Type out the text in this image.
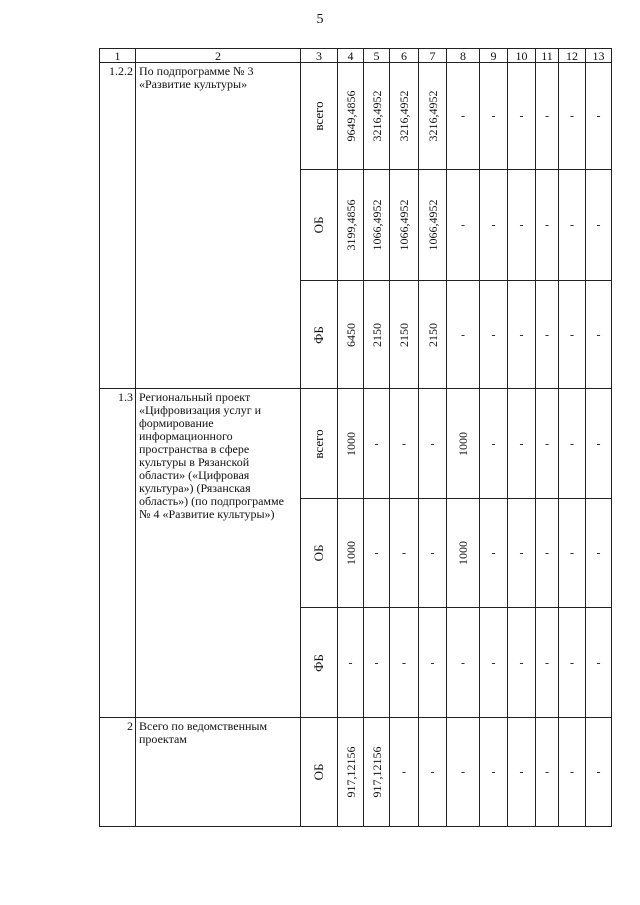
5
1	2	3	4	5	6	7	8	9	10	11	12	13
1.2.2	По подпрограмме № 3 «Развитие культуры»	всего	9649,4856	3216,4952	3216,4952	3216,4952	-	-	-	-	-	-

		ОБ	3199,4856	1066,4952	1066,4952	1066,4952	-	-	-	-	-	-

		ФБ	6450	2150	2150	2150	-	-	-	-	-	-

1.3	Региональный проект «Цифровизация услуг и формирование информационного пространства в сфере культуры в Рязанской области» («Цифровая культура») (Рязанская область») (по подпрограмме № 4 «Развитие культуры»)	всего	1000	-	-	-	1000	-	-	-	-	-

		ОБ	1000	-	-	-	1000	-	-	-	-	-

		ФБ	-	-	-	-	-	-	-	-	-	-

2	Всего по ведомственным проектам	ОБ	917,12156	917,12156	-	-	-	-	-	-	-	-
